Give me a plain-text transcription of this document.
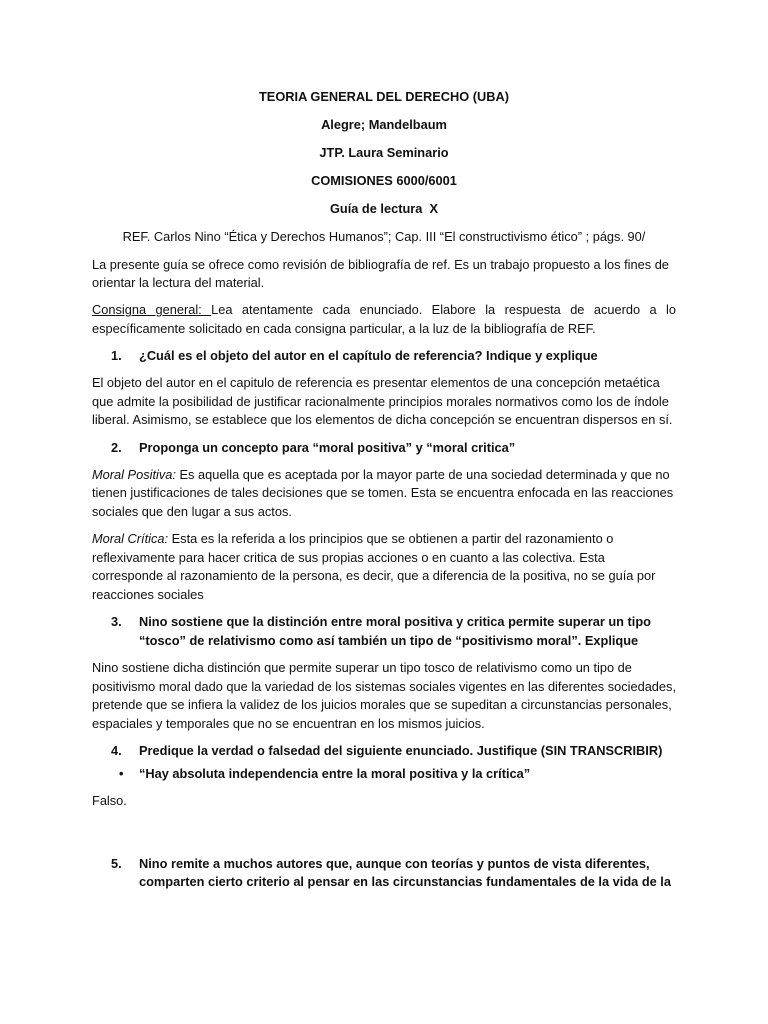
TEORIA GENERAL DEL DERECHO (UBA)
Alegre; Mandelbaum
JTP. Laura Seminario
COMISIONES 6000/6001
Guía de lectura  X
REF. Carlos Nino “Ética y Derechos Humanos”; Cap. III “El constructivismo ético” ; págs. 90/

La presente guía se ofrece como revisión de bibliografía de ref. Es un trabajo propuesto a los fines de orientar la lectura del material.

Consigna general: Lea atentamente cada enunciado. Elabore la respuesta de acuerdo a lo específicamente solicitado en cada consigna particular, a la luz de la bibliografía de REF.

1.	¿Cuál es el objeto del autor en el capítulo de referencia? Indique y explique

El objeto del autor en el capitulo de referencia es presentar elementos de una concepción metaética que admite la posibilidad de justificar racionalmente principios morales normativos como los de índole liberal. Asimismo, se establece que los elementos de dicha concepción se encuentran dispersos en sí.

2.	Proponga un concepto para “moral positiva” y “moral critica”

Moral Positiva: Es aquella que es aceptada por la mayor parte de una sociedad determinada y que no tienen justificaciones de tales decisiones que se tomen. Esta se encuentra enfocada en las reacciones sociales que den lugar a sus actos.

Moral Crítica: Esta es la referida a los principios que se obtienen a partir del razonamiento o reflexivamente para hacer critica de sus propias acciones o en cuanto a las colectiva. Esta corresponde al razonamiento de la persona, es decir, que a diferencia de la positiva, no se guía por reacciones sociales

3.	Nino sostiene que la distinción entre moral positiva y critica permite superar un tipo “tosco” de relativismo como así también un tipo de “positivismo moral”. Explique

Nino sostiene dicha distinción que permite superar un tipo tosco de relativismo como un tipo de positivismo moral dado que la variedad de los sistemas sociales vigentes en las diferentes sociedades, pretende que se infiera la validez de los juicios morales que se supeditan a circunstancias personales, espaciales y temporales que no se encuentran en los mismos juicios.

4.	Predique la verdad o falsedad del siguiente enunciado. Justifique (SIN TRANSCRIBIR)
•	“Hay absoluta independencia entre la moral positiva y la crítica”

Falso.

5.	Nino remite a muchos autores que, aunque con teorías y puntos de vista diferentes, comparten cierto criterio al pensar en las circunstancias fundamentales de la vida de la
